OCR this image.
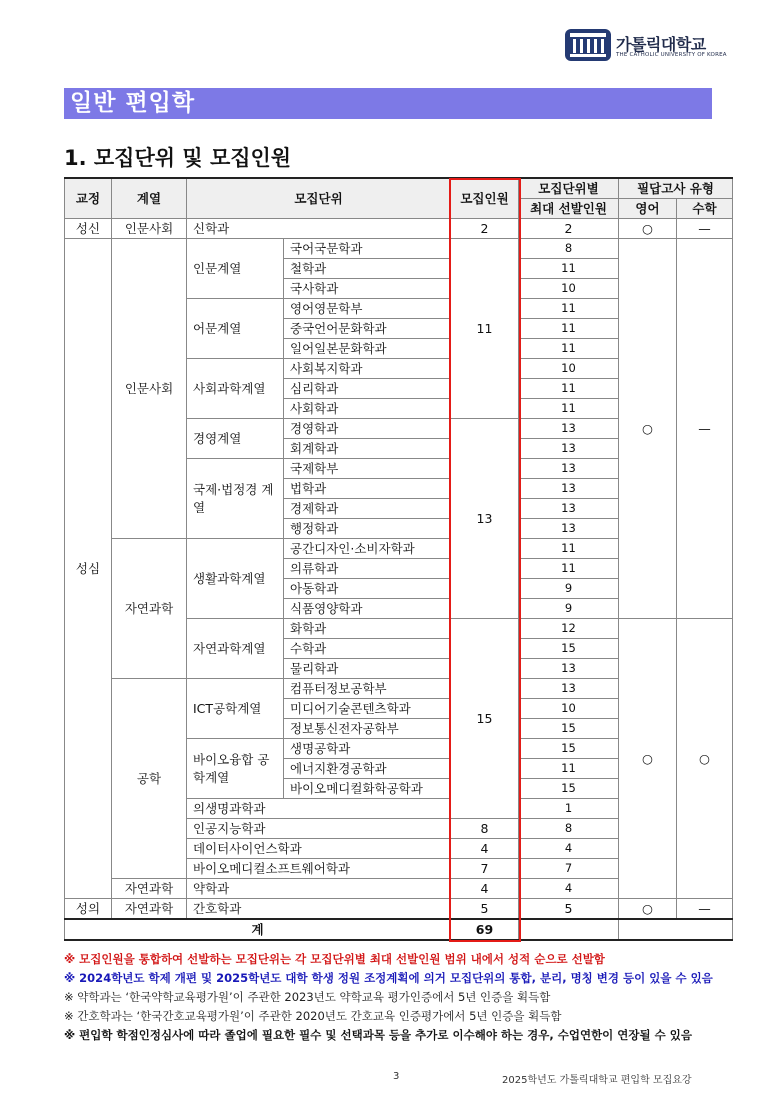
가톨릭대학교
THE CATHOLIC UNIVERSITY OF KOREA
일반 편입학
1. 모집단위 및 모집인원
교정	계열	모집단위		모집인원	모집단위별	필답고사 유형	
					최대 선발인원	영어	수학
성신	인문사회	신학과		2	2	○	—
성심	인문사회	인문계열	국어국문학과	11	8	○	—
			철학과		11		
			국사학과		10		
		어문계열	영어영문학부		11		
			중국언어문화학과		11		
			일어일본문화학과		11		
		사회과학계열	사회복지학과		10		
			심리학과		11		
			사회학과		11		
		경영계열	경영학과	13	13		
			회계학과		13		
		국제·법정경 계열	국제학부		13		
			법학과		13		
			경제학과		13		
			행정학과		13		
	자연과학	생활과학계열	공간디자인·소비자학과		11		
			의류학과		11		
			아동학과		9		
			식품영양학과		9		
		자연과학계열	화학과	15	12	○	○
			수학과		15		
			물리학과		13		
	공학	ICT공학계열	컴퓨터정보공학부		13		
			미디어기술콘텐츠학과		10		
			정보통신전자공학부		15		
		바이오융합 공학계열	생명공학과		15		
			에너지환경공학과		11		
			바이오메디컬화학공학과		15		
		의생명과학과			1		
		인공지능학과		8	8		
		데이터사이언스학과		4	4		
		바이오메디컬소프트웨어학과		7	7		
	자연과학	약학과		4	4		
성의	자연과학	간호학과		5	5	○	—
계				69			
※ 모집인원을 통합하여 선발하는 모집단위는 각 모집단위별 최대 선발인원 범위 내에서 성적 순으로 선발함
※ 2024학년도 학제 개편 및 2025학년도 대학 학생 정원 조정계획에 의거 모집단위의 통합, 분리, 명칭 변경 등이 있을 수 있음
※ 약학과는 ‘한국약학교육평가원’이 주관한 2023년도 약학교육 평가인증에서 5년 인증을 획득함
※ 간호학과는 ‘한국간호교육평가원’이 주관한 2020년도 간호교육 인증평가에서 5년 인증을 획득함
※ 편입학 학점인정심사에 따라 졸업에 필요한 필수 및 선택과목 등을 추가로 이수해야 하는 경우, 수업연한이 연장될 수 있음
3	2025학년도 가톨릭대학교 편입학 모집요강
